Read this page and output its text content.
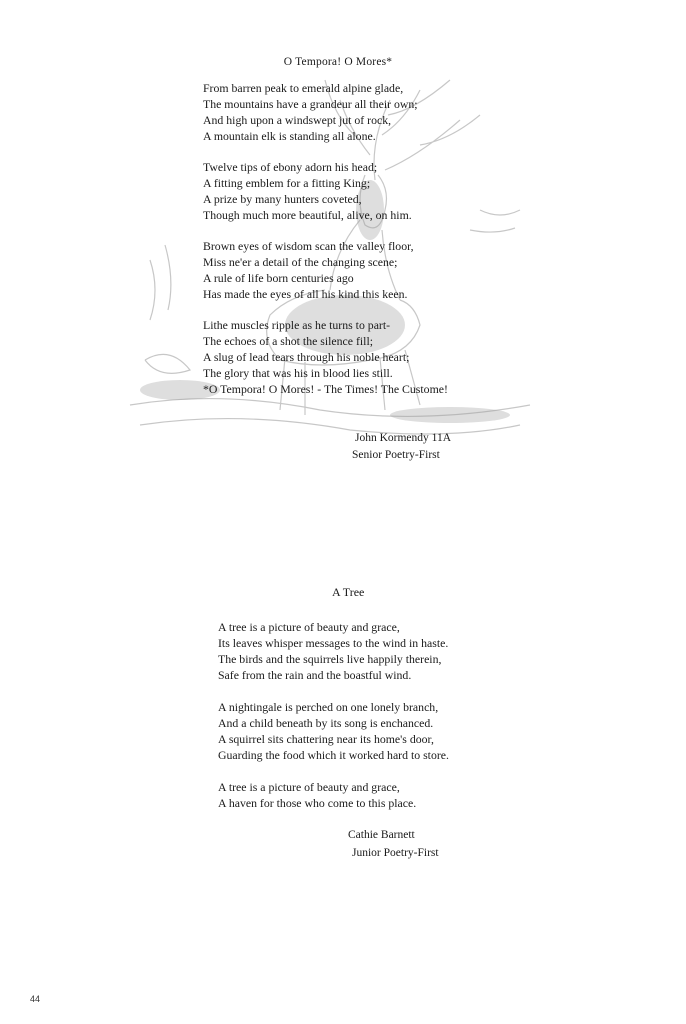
O Tempora! O Mores*
From barren peak to emerald alpine glade,
The mountains have a grandeur all their own;
And high upon a windswept jut of rock,
A mountain elk is standing all alone.
Twelve tips of ebony adorn his head;
A fitting emblem for a fitting King;
A prize by many hunters coveted,
Though much more beautiful, alive, on him.
Brown eyes of wisdom scan the valley floor,
Miss ne'er a detail of the changing scene;
A rule of life born centuries ago
Has made the eyes of all his kind this keen.
Lithe muscles ripple as he turns to part-
The echoes of a shot the silence fill;
A slug of lead tears through his noble heart;
The glory that was his in blood lies still.
*O Tempora! O Mores! - The Times! The Custome!
John Kormendy 11A
Senior Poetry-First
A Tree
A tree is a picture of beauty and grace,
Its leaves whisper messages to the wind in haste.
The birds and the squirrels live happily therein,
Safe from the rain and the boastful wind.
A nightingale is perched on one lonely branch,
And a child beneath by its song is enchanced.
A squirrel sits chattering near its home's door,
Guarding the food which it worked hard to store.
A tree is a picture of beauty and grace,
A haven for those who come to this place.
Cathie Barnett
Junior Poetry-First
44
